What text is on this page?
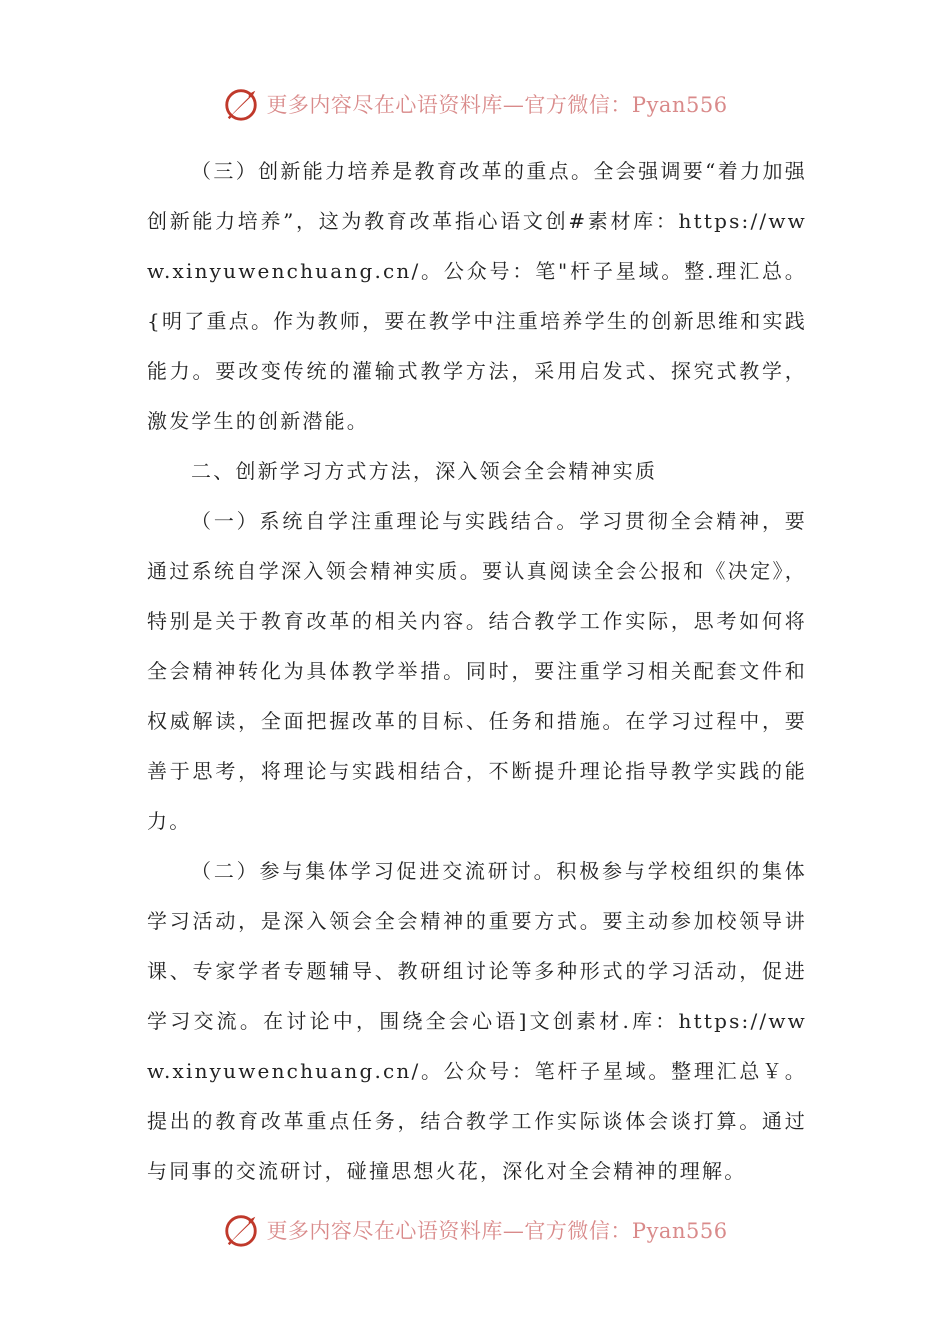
更多内容尽在心语资料库—官方微信：Pyan556

（三）创新能力培养是教育改革的重点。全会强调要“着力加强创新能力培养”，这为教育改革指心语文创#素材库：https://www.xinyuwenchuang.cn/。公众号：笔"杆子星域。整.理汇总。{明了重点。作为教师，要在教学中注重培养学生的创新思维和实践能力。要改变传统的灌输式教学方法，采用启发式、探究式教学，激发学生的创新潜能。

二、创新学习方式方法，深入领会全会精神实质

（一）系统自学注重理论与实践结合。学习贯彻全会精神，要通过系统自学深入领会精神实质。要认真阅读全会公报和《决定》，特别是关于教育改革的相关内容。结合教学工作实际，思考如何将全会精神转化为具体教学举措。同时，要注重学习相关配套文件和权威解读，全面把握改革的目标、任务和措施。在学习过程中，要善于思考，将理论与实践相结合，不断提升理论指导教学实践的能力。

（二）参与集体学习促进交流研讨。积极参与学校组织的集体学习活动，是深入领会全会精神的重要方式。要主动参加校领导讲课、专家学者专题辅导、教研组讨论等多种形式的学习活动，促进学习交流。在讨论中，围绕全会心语]文创素材.库：https://www.xinyuwenchuang.cn/。公众号：笔杆子星域。整理汇总￥。提出的教育改革重点任务，结合教学工作实际谈体会谈打算。通过与同事的交流研讨，碰撞思想火花，深化对全会精神的理解。

更多内容尽在心语资料库—官方微信：Pyan556
